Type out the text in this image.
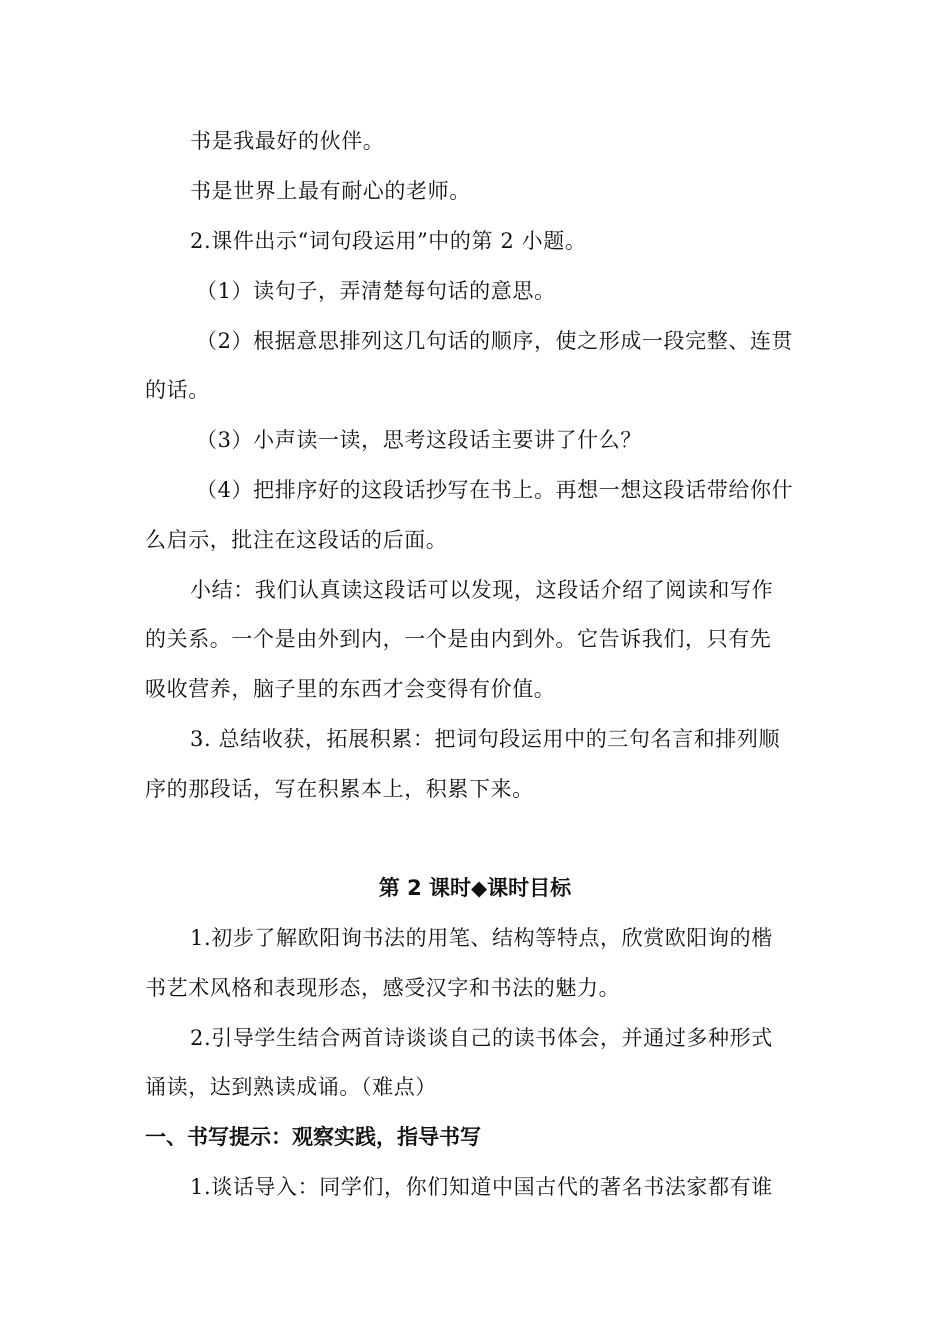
书是我最好的伙伴。
书是世界上最有耐心的老师。
2.课件出示“词句段运用”中的第 2 小题。
（1）读句子，弄清楚每句话的意思。
（2）根据意思排列这几句话的顺序，使之形成一段完整、连贯
的话。
（3）小声读一读，思考这段话主要讲了什么？
（4）把排序好的这段话抄写在书上。再想一想这段话带给你什
么启示，批注在这段话的后面。
小结：我们认真读这段话可以发现，这段话介绍了阅读和写作
的关系。一个是由外到内，一个是由内到外。它告诉我们，只有先
吸收营养，脑子里的东西才会变得有价值。
3. 总结收获，拓展积累：把词句段运用中的三句名言和排列顺
序的那段话，写在积累本上，积累下来。
第 2 课时◆课时目标
1.初步了解欧阳询书法的用笔、结构等特点，欣赏欧阳询的楷
书艺术风格和表现形态，感受汉字和书法的魅力。
2.引导学生结合两首诗谈谈自己的读书体会，并通过多种形式
诵读，达到熟读成诵。（难点）
一、书写提示：观察实践，指导书写
1.谈话导入：同学们，你们知道中国古代的著名书法家都有谁
